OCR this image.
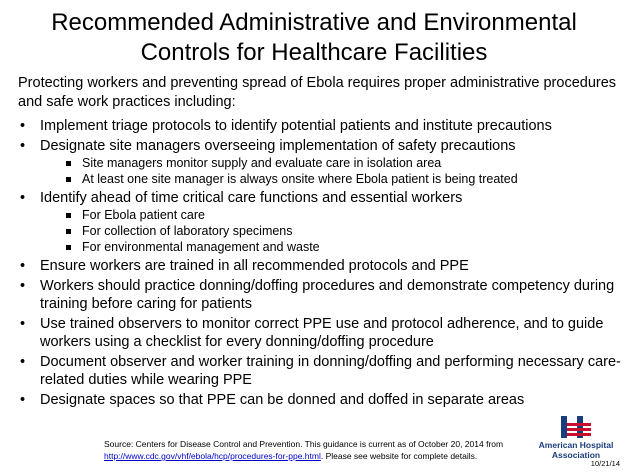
Recommended Administrative and Environmental
Controls for Healthcare Facilities
Protecting workers and preventing spread of Ebola requires proper administrative procedures and safe work practices including:
• Implement triage protocols to identify potential patients and institute precautions
• Designate site managers overseeing implementation of safety precautions
Site managers monitor supply and evaluate care in isolation area
At least one site manager is always onsite where Ebola patient is being treated
• Identify ahead of time critical care functions and essential workers
For Ebola patient care
For collection of laboratory specimens
For environmental management and waste
• Ensure workers are trained in all recommended protocols and PPE
• Workers should practice donning/doffing procedures and demonstrate competency during training before caring for patients
• Use trained observers to monitor correct PPE use and protocol adherence, and to guide workers using a checklist for every donning/doffing procedure
• Document observer and worker training in donning/doffing and performing necessary care-related duties while wearing PPE
• Designate spaces so that PPE can be donned and doffed in separate areas
Source: Centers for Disease Control and Prevention. This guidance is current as of October 20, 2014 from
http://www.cdc.gov/vhf/ebola/hcp/procedures-for-ppe.html. Please see website for complete details.
American Hospital
Association
10/21/14
